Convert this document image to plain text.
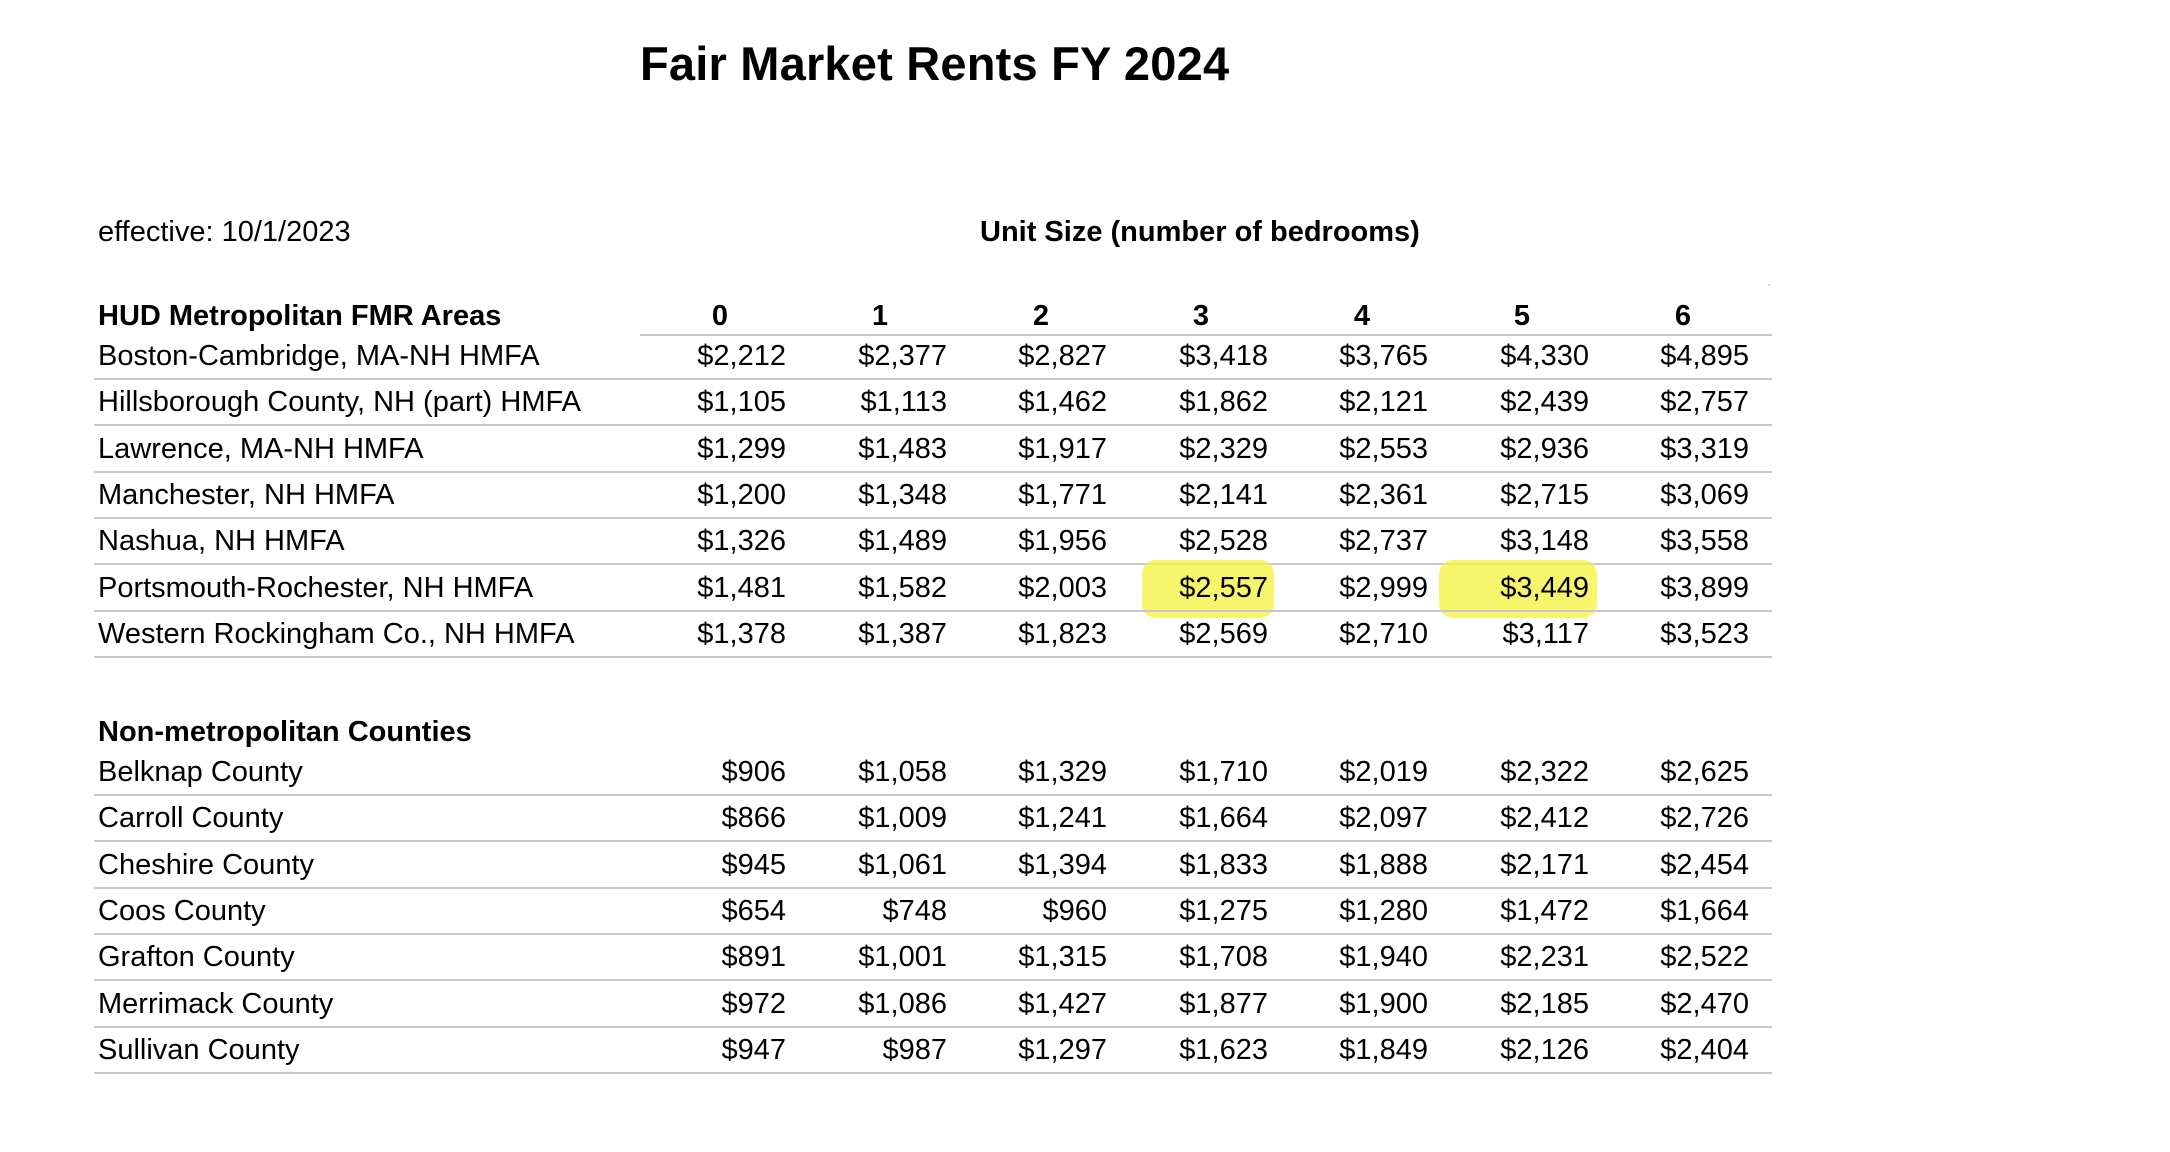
Fair Market Rents FY 2024
effective: 10/1/2023	Unit Size (number of bedrooms)
HUD Metropolitan FMR Areas	0	1	2	3	4	5	6
Non-metropolitan Counties
Boston-Cambridge, MA-NH HMFA	$2,212	$2,377	$2,827	$3,418	$3,765	$4,330	$4,895
Hillsborough County, NH (part) HMFA	$1,105	$1,113	$1,462	$1,862	$2,121	$2,439	$2,757
Lawrence, MA-NH HMFA	$1,299	$1,483	$1,917	$2,329	$2,553	$2,936	$3,319
Manchester, NH HMFA	$1,200	$1,348	$1,771	$2,141	$2,361	$2,715	$3,069
Nashua, NH HMFA	$1,326	$1,489	$1,956	$2,528	$2,737	$3,148	$3,558
Portsmouth-Rochester, NH HMFA	$1,481	$1,582	$2,003	$2,557	$2,999	$3,449	$3,899
Western Rockingham Co., NH HMFA	$1,378	$1,387	$1,823	$2,569	$2,710	$3,117	$3,523
Belknap County	$906	$1,058	$1,329	$1,710	$2,019	$2,322	$2,625
Carroll County	$866	$1,009	$1,241	$1,664	$2,097	$2,412	$2,726
Cheshire County	$945	$1,061	$1,394	$1,833	$1,888	$2,171	$2,454
Coos County	$654	$748	$960	$1,275	$1,280	$1,472	$1,664
Grafton County	$891	$1,001	$1,315	$1,708	$1,940	$2,231	$2,522
Merrimack County	$972	$1,086	$1,427	$1,877	$1,900	$2,185	$2,470
Sullivan County	$947	$987	$1,297	$1,623	$1,849	$2,126	$2,404
